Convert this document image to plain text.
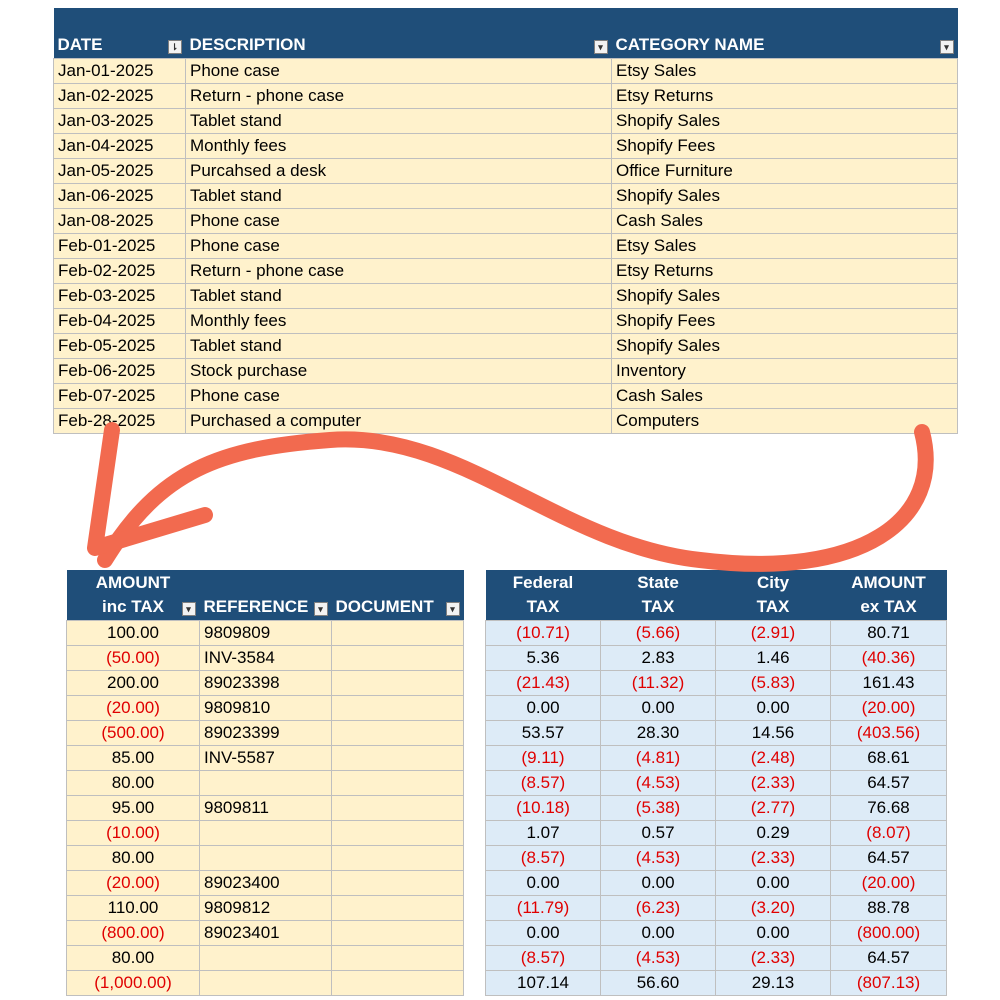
DATE ⇂	DESCRIPTION ▾	CATEGORY NAME ▾

Jan-01-2025	Phone case	Etsy Sales
Jan-02-2025	Return - phone case	Etsy Returns
Jan-03-2025	Tablet stand	Shopify Sales
Jan-04-2025	Monthly fees	Shopify Fees
Jan-05-2025	Purcahsed a desk	Office Furniture
Jan-06-2025	Tablet stand	Shopify Sales
Jan-08-2025	Phone case	Cash Sales
Feb-01-2025	Phone case	Etsy Sales
Feb-02-2025	Return - phone case	Etsy Returns
Feb-03-2025	Tablet stand	Shopify Sales
Feb-04-2025	Monthly fees	Shopify Fees
Feb-05-2025	Tablet stand	Shopify Sales
Feb-06-2025	Stock purchase	Inventory
Feb-07-2025	Phone case	Cash Sales
Feb-28-2025	Purchased a computer	Computers
AMOUNT		
inc TAX ▾	REFERENCE ▾	DOCUMENT ▾

100.00	9809809	
(50.00)	INV-3584	
200.00	89023398	
(20.00)	9809810	
(500.00)	89023399	
85.00	INV-5587	
80.00		
95.00	9809811	
(10.00)		
80.00		
(20.00)	89023400	
110.00	9809812	
(800.00)	89023401	
80.00		
(1,000.00)		
Federal	State	City	AMOUNT
TAX	TAX	TAX	ex TAX
(10.71)	(5.66)	(2.91)	80.71
5.36	2.83	1.46	(40.36)
(21.43)	(11.32)	(5.83)	161.43
0.00	0.00	0.00	(20.00)
53.57	28.30	14.56	(403.56)
(9.11)	(4.81)	(2.48)	68.61
(8.57)	(4.53)	(2.33)	64.57
(10.18)	(5.38)	(2.77)	76.68
1.07	0.57	0.29	(8.07)
(8.57)	(4.53)	(2.33)	64.57
0.00	0.00	0.00	(20.00)
(11.79)	(6.23)	(3.20)	88.78
0.00	0.00	0.00	(800.00)
(8.57)	(4.53)	(2.33)	64.57
107.14	56.60	29.13	(807.13)
